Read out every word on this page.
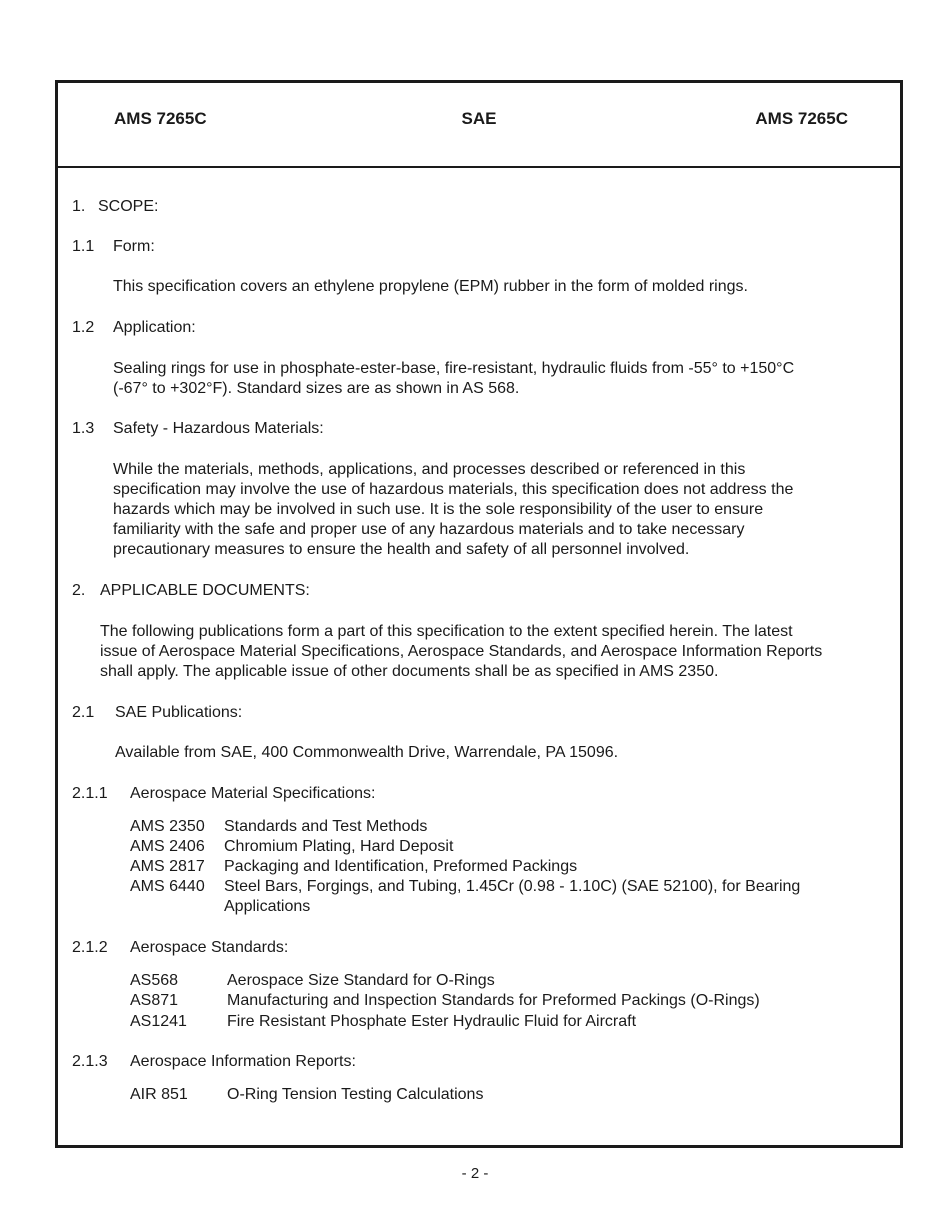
AMS 7265C	SAE	AMS 7265C
1. SCOPE:
1.1 Form:
This specification covers an ethylene propylene (EPM) rubber in the form of molded rings.
1.2 Application:
Sealing rings for use in phosphate-ester-base, fire-resistant, hydraulic fluids from -55° to +150°C
(-67° to +302°F). Standard sizes are as shown in AS 568.
1.3 Safety - Hazardous Materials:
While the materials, methods, applications, and processes described or referenced in this
specification may involve the use of hazardous materials, this specification does not address the
hazards which may be involved in such use. It is the sole responsibility of the user to ensure
familiarity with the safe and proper use of any hazardous materials and to take necessary
precautionary measures to ensure the health and safety of all personnel involved.
2. APPLICABLE DOCUMENTS:
The following publications form a part of this specification to the extent specified herein. The latest
issue of Aerospace Material Specifications, Aerospace Standards, and Aerospace Information Reports
shall apply. The applicable issue of other documents shall be as specified in AMS 2350.
2.1 SAE Publications:
Available from SAE, 400 Commonwealth Drive, Warrendale, PA 15096.
2.1.1 Aerospace Material Specifications:
AMS 2350 Standards and Test Methods
AMS 2406 Chromium Plating, Hard Deposit
AMS 2817 Packaging and Identification, Preformed Packings
AMS 6440 Steel Bars, Forgings, and Tubing, 1.45Cr (0.98 - 1.10C) (SAE 52100), for Bearing
Applications
2.1.2 Aerospace Standards:
AS568	Aerospace Size Standard for O-Rings
AS871	Manufacturing and Inspection Standards for Preformed Packings (O-Rings)
AS1241	Fire Resistant Phosphate Ester Hydraulic Fluid for Aircraft
2.1.3 Aerospace Information Reports:
AIR 851 O-Ring Tension Testing Calculations
- 2 -
